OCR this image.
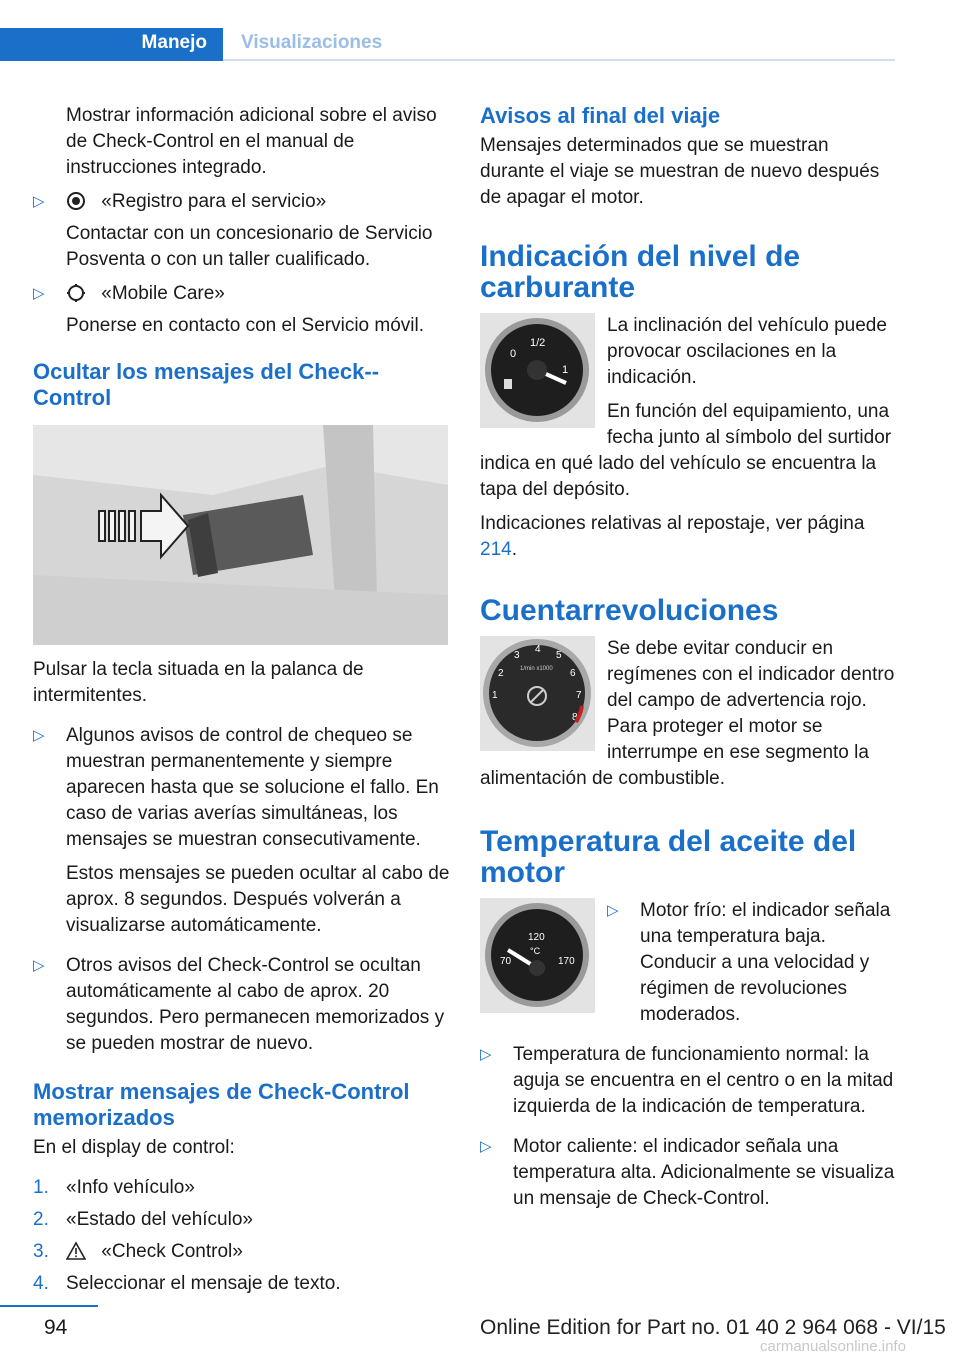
Manejo Visualizaciones

Mostrar información adicional sobre el aviso de Check-Control en el manual de instrucciones integrado.

▷	«Registro para el servicio»
Contactar con un concesionario de Servicio Posventa o con un taller cualificado.
▷	«Mobile Care»
Ponerse en contacto con el Servicio móvil.
Ocultar los mensajes del Check--Control

Pulsar la tecla situada en la palanca de intermitentes.

▷ Algunos avisos de control de chequeo se muestran permanentemente y siempre aparecen hasta que se solucione el fallo. En caso de varias averías simultáneas, los mensajes se muestran consecutivamente.
Estos mensajes se pueden ocultar al cabo de aprox. 8 segundos. Después volverán a visualizarse automáticamente.
▷ Otros avisos del Check-Control se ocultan automáticamente al cabo de aprox. 20 segundos. Pero permanecen memorizados y se pueden mostrar de nuevo.
Mostrar mensajes de Check-Control memorizados

En el display de control:

1. «Info vehículo»
2. «Estado del vehículo»
3.	«Check Control»
4. Seleccionar el mensaje de texto.
Avisos al final del viaje

Mensajes determinados que se muestran durante el viaje se muestran de nuevo después de apagar el motor.

Indicación del nivel de carburante
0
1/2
1

La inclinación del vehículo puede provocar oscilaciones en la indicación.

En función del equipamiento, una fecha junto al símbolo del surtidor indica en qué lado del vehículo se encuentra la tapa del depósito.

Indicaciones relativas al repostaje, ver página 214.

Cuentarrevoluciones
1
2
3
4
5
6
7
8
1/min x1000

Se debe evitar conducir en regímenes con el indicador dentro del campo de advertencia rojo. Para proteger el motor se interrumpe en ese segmento la alimentación de combustible.

Temperatura del aceite del motor
70
120
°C
170
▷ Motor frío: el indicador señala una temperatura baja. Conducir a una velocidad y régimen de revoluciones moderados.
▷ Temperatura de funcionamiento normal: la aguja se encuentra en el centro o en la mitad izquierda de la indicación de temperatura.
▷ Motor caliente: el indicador señala una temperatura alta. Adicionalmente se visualiza un mensaje de Check-Control.
94	Online Edition for Part no. 01 40 2 964 068 - VI/15
carmanualsonline.info
